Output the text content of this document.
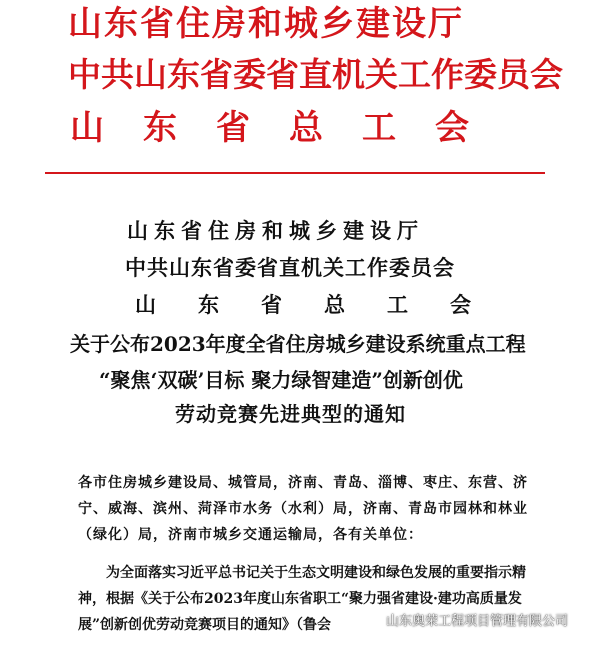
山东省住房和城乡建设厅
中共山东省委省直机关工作委员会
山东省总工会
山东省住房和城乡建设厅
中共山东省委省直机关工作委员会
山东省总工会
关于公布2023年度全省住房城乡建设系统重点工程
“聚焦‘双碳’目标 聚力绿智建造”创新创优
劳动竞赛先进典型的通知
各市住房城乡建设局、城管局，济南、青岛、淄博、枣庄、东营、济宁、威海、滨州、菏泽市水务（水利）局，济南、青岛市园林和林业（绿化）局，济南市城乡交通运输局，各有关单位：
为全面落实习近平总书记关于生态文明建设和绿色发展的重要指示精神，根据《关于公布2023年度山东省职工“聚力强省建设·建功高质量发展”创新创优劳动竞赛项目的通知》（鲁会	山东奥荣工程项目管理有限公司
